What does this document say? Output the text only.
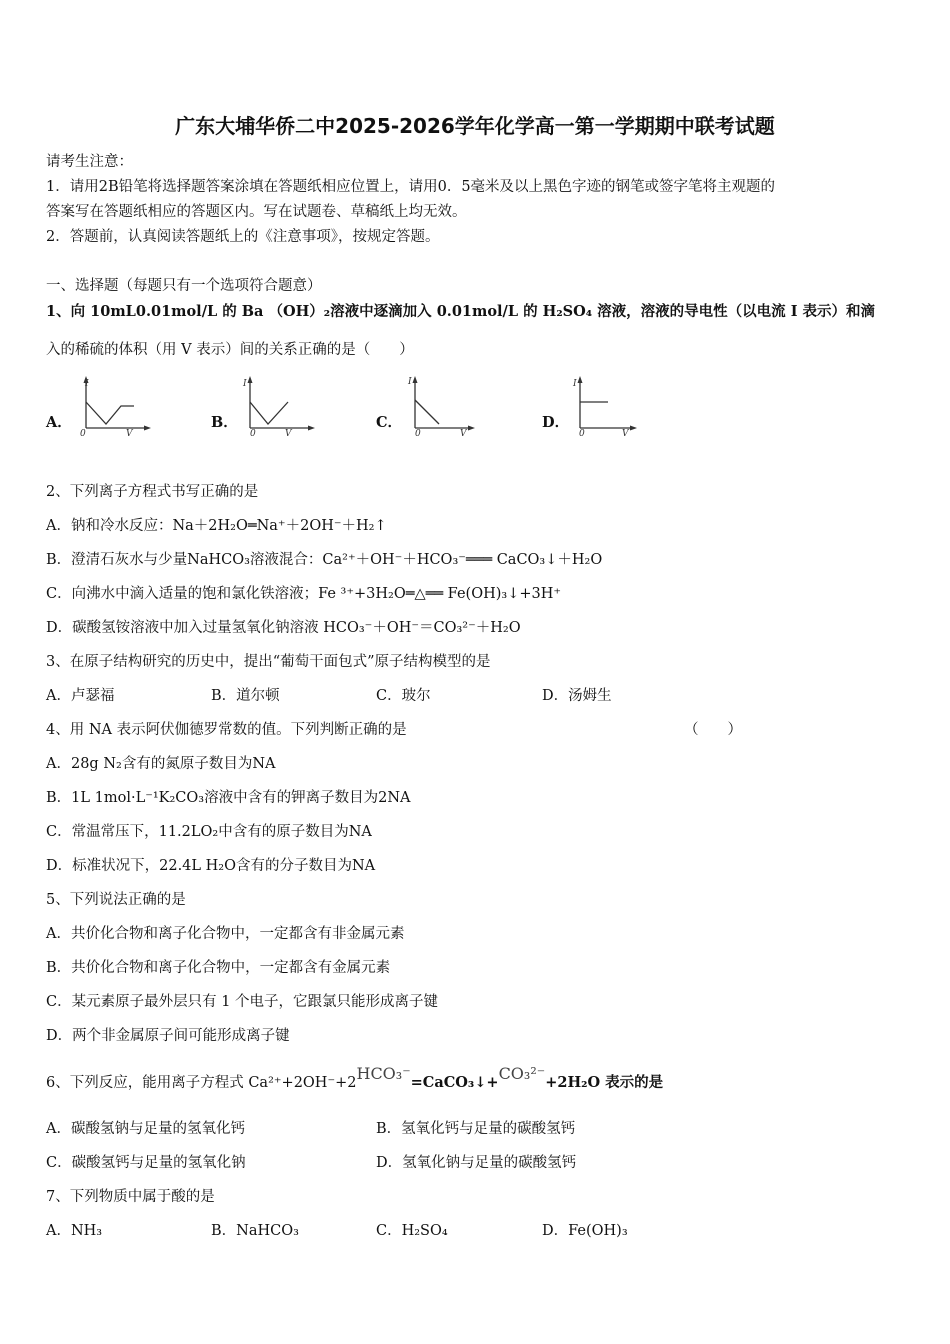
广东大埔华侨二中2025-2026学年化学高一第一学期期中联考试题
请考生注意：
1．请用2B铅笔将选择题答案涂填在答题纸相应位置上，请用0．5毫米及以上黑色字迹的钢笔或签字笔将主观题的
答案写在答题纸相应的答题区内。写在试题卷、草稿纸上均无效。
2．答题前，认真阅读答题纸上的《注意事项》，按规定答题。
一、选择题（每题只有一个选项符合题意）
1、向 10mL0.01mol/L 的 Ba （OH）₂溶液中逐滴加入 0.01mol/L 的 H₂SO₄ 溶液，溶液的导电性（以电流 I 表示）和滴
入的稀硫的体积（用 V 表示）间的关系正确的是（　　）
A．
I
0	V
B．
I
0	V
C．
I
0	V
D．
I
0	V
2、下列离子方程式书写正确的是
A．钠和冷水反应：Na＋2H₂O═Na⁺＋2OH⁻＋H₂↑
B．澄清石灰水与少量NaHCO₃溶液混合：Ca²⁺＋OH⁻＋HCO₃⁻═══ CaCO₃↓＋H₂O
C．向沸水中滴入适量的饱和氯化铁溶液；Fe ³⁺+3H₂O═△══ Fe(OH)₃↓+3H⁺
D．碳酸氢铵溶液中加入过量氢氧化钠溶液 HCO₃⁻＋OH⁻＝CO₃²⁻＋H₂O
3、在原子结构研究的历史中，提出“葡萄干面包式”原子结构模型的是
A．卢瑟福	B．道尔顿	C．玻尔	D．汤姆生
4、用 NA 表示阿伏伽德罗常数的值。下列判断正确的是	（　　）
A．28g N₂含有的氮原子数目为NA
B．1L 1mol·L⁻¹K₂CO₃溶液中含有的钾离子数目为2NA
C．常温常压下，11.2LO₂中含有的原子数目为NA
D．标准状况下，22.4L H₂O含有的分子数目为NA
5、下列说法正确的是
A．共价化合物和离子化合物中，一定都含有非金属元素
B．共价化合物和离子化合物中，一定都含有金属元素
C．某元素原子最外层只有 1 个电子，它跟氯只能形成离子键
D．两个非金属原子间可能形成离子键
6、下列反应，能用离子方程式 Ca²⁺+2OH⁻+2HCO₃⁻=CaCO₃↓+CO₃²⁻+2H₂O 表示的是
A．碳酸氢钠与足量的氢氧化钙	B．氢氧化钙与足量的碳酸氢钙
C．碳酸氢钙与足量的氢氧化钠	D．氢氧化钠与足量的碳酸氢钙
7、下列物质中属于酸的是
A．NH₃	B．NaHCO₃	C．H₂SO₄	D．Fe(OH)₃
